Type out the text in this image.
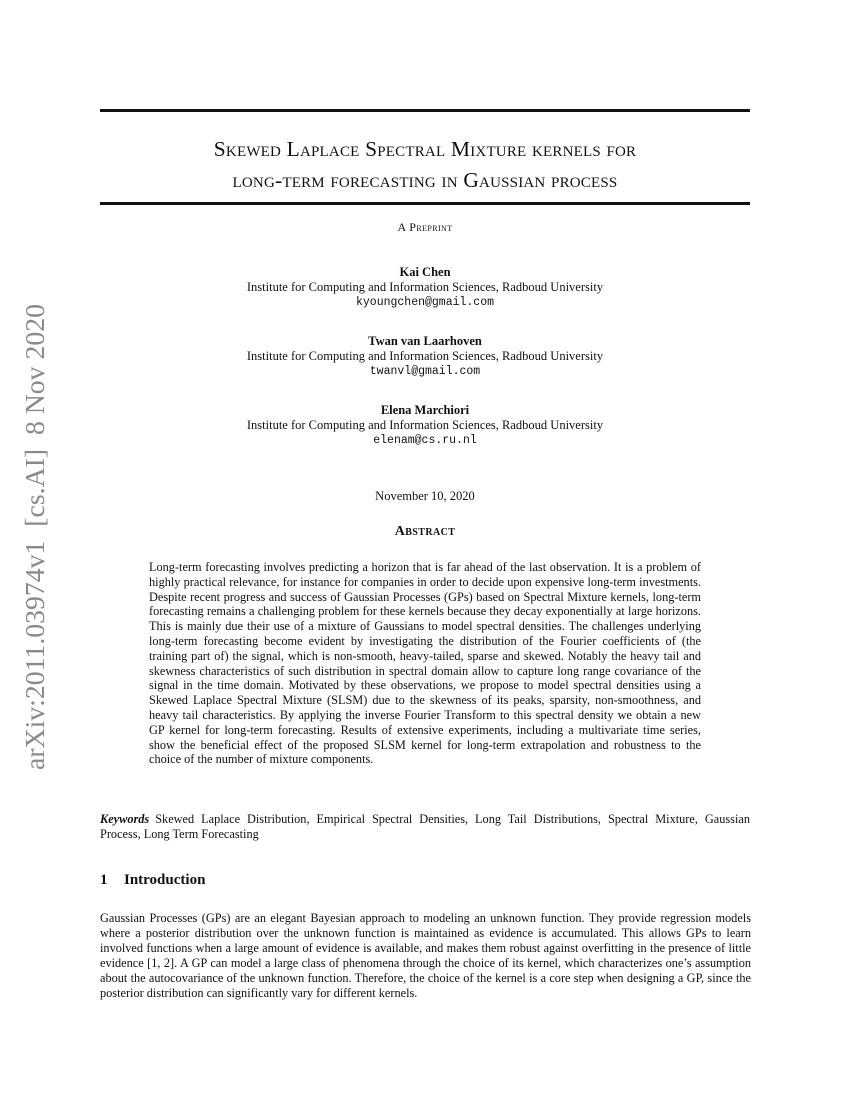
arXiv:2011.03974v1  [cs.AI]  8 Nov 2020
Skewed Laplace Spectral Mixture kernels for
long-term forecasting in Gaussian process
A Preprint
Kai Chen
Institute for Computing and Information Sciences, Radboud University
kyoungchen@gmail.com
Twan van Laarhoven
Institute for Computing and Information Sciences, Radboud University
twanvl@gmail.com
Elena Marchiori
Institute for Computing and Information Sciences, Radboud University
elenam@cs.ru.nl
November 10, 2020
Abstract
Long-term forecasting involves predicting a horizon that is far ahead of the last observation. It is a problem of highly practical relevance, for instance for companies in order to decide upon expensive long-term investments. Despite recent progress and success of Gaussian Processes (GPs) based on Spectral Mixture kernels, long-term forecasting remains a challenging problem for these kernels because they decay exponentially at large horizons. This is mainly due their use of a mixture of Gaussians to model spectral densities. The challenges underlying long-term forecasting become evident by investigating the distribution of the Fourier coefficients of (the training part of) the signal, which is non-smooth, heavy-tailed, sparse and skewed. Notably the heavy tail and skewness characteristics of such distribution in spectral domain allow to capture long range covariance of the signal in the time domain. Motivated by these observations, we propose to model spectral densities using a Skewed Laplace Spectral Mixture (SLSM) due to the skewness of its peaks, sparsity, non-smoothness, and heavy tail characteristics. By applying the inverse Fourier Transform to this spectral density we obtain a new GP kernel for long-term forecasting. Results of extensive experiments, including a multivariate time series, show the beneficial effect of the proposed SLSM kernel for long-term extrapolation and robustness to the choice of the number of mixture components.
Keywords Skewed Laplace Distribution, Empirical Spectral Densities, Long Tail Distributions, Spectral Mixture, Gaussian Process, Long Term Forecasting
1 Introduction
Gaussian Processes (GPs) are an elegant Bayesian approach to modeling an unknown function. They provide regression models where a posterior distribution over the unknown function is maintained as evidence is accumulated. This allows GPs to learn involved functions when a large amount of evidence is available, and makes them robust against overfitting in the presence of little evidence [1, 2]. A GP can model a large class of phenomena through the choice of its kernel, which characterizes one’s assumption about the autocovariance of the unknown function. Therefore, the choice of the kernel is a core step when designing a GP, since the posterior distribution can significantly vary for different kernels.
